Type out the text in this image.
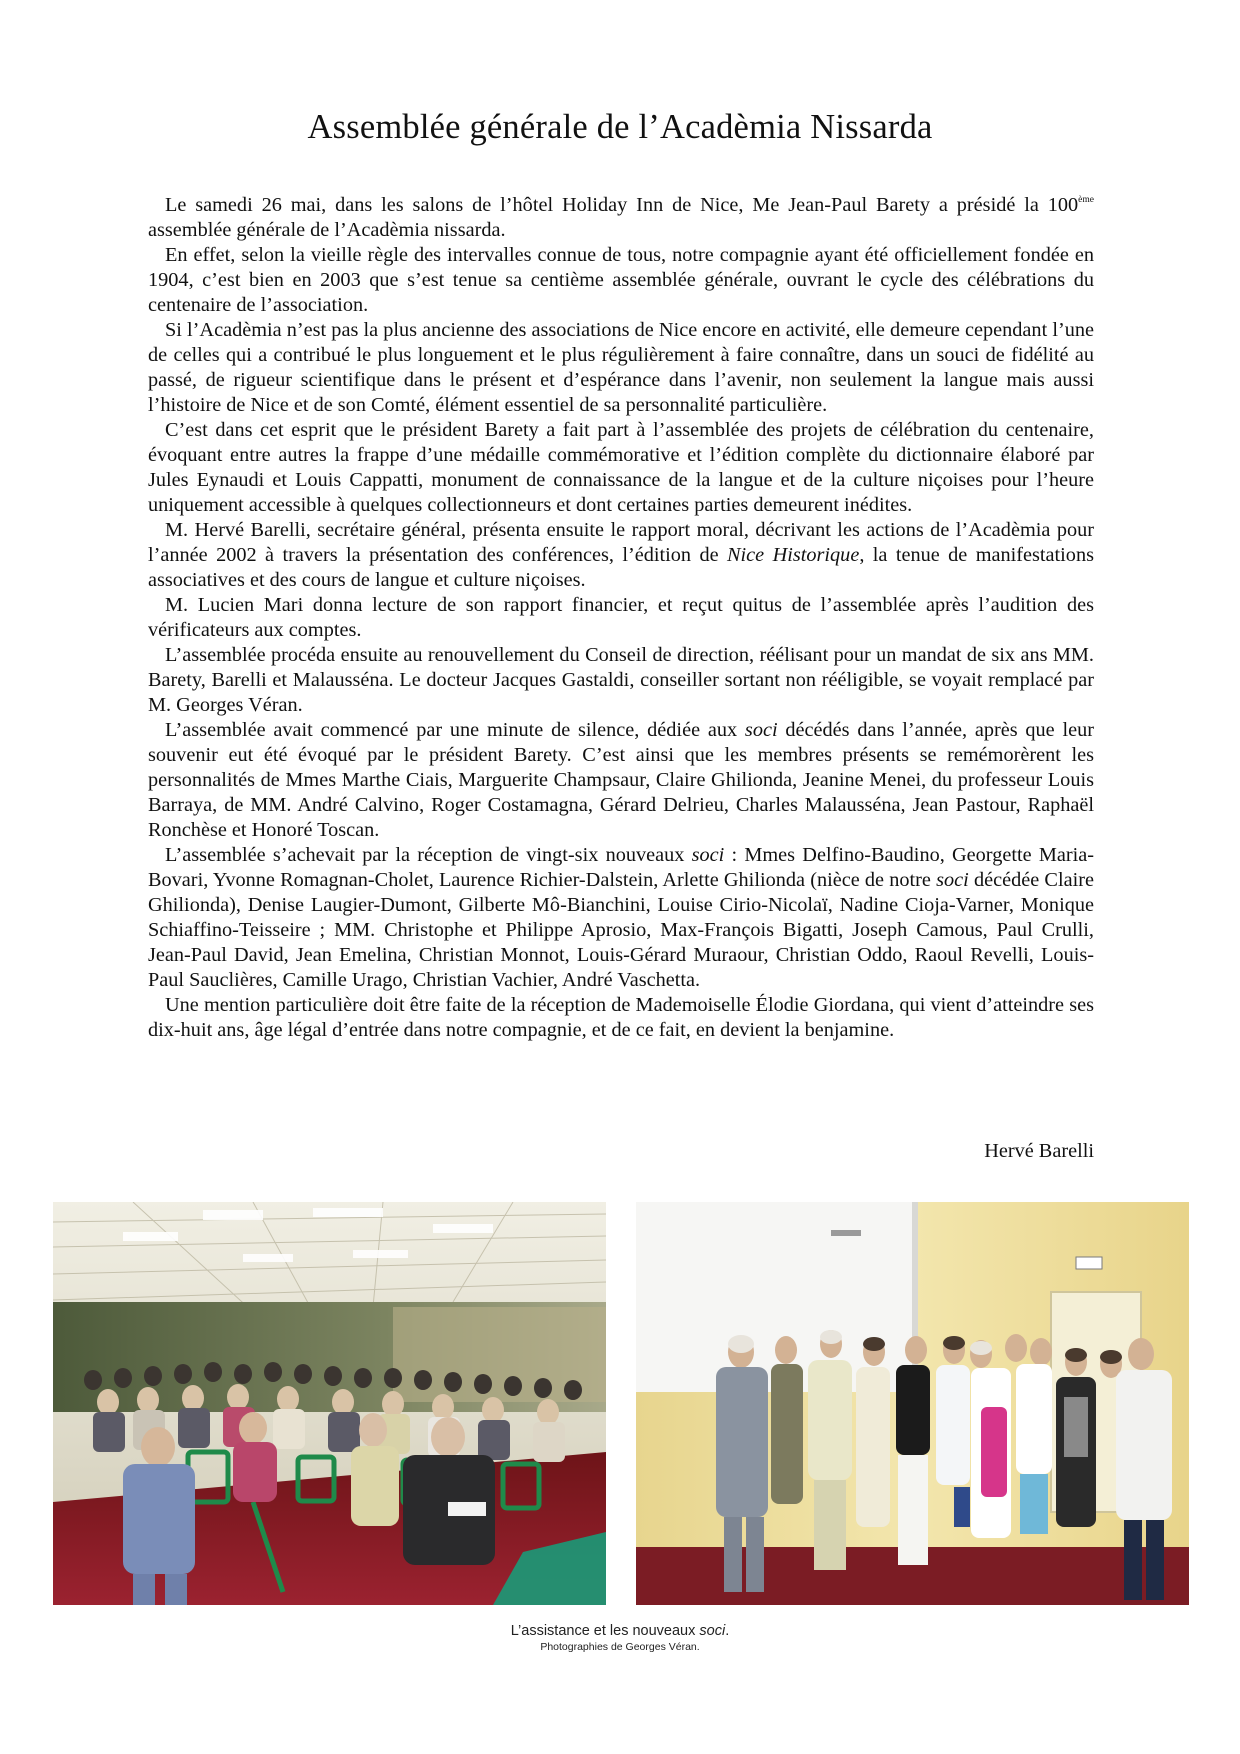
Assemblée générale de l’Acadèmia Nissarda

Le samedi 26 mai, dans les salons de l’hôtel Holiday Inn de Nice, Me Jean-Paul Barety a présidé la 100ème assemblée générale de l’Acadèmia nissarda.

En effet, selon la vieille règle des intervalles connue de tous, notre compagnie ayant été officiellement fondée en 1904, c’est bien en 2003 que s’est tenue sa centième assemblée générale, ouvrant le cycle des célébrations du centenaire de l’association.

Si l’Acadèmia n’est pas la plus ancienne des associations de Nice encore en activité, elle demeure cependant l’une de celles qui a contribué le plus longuement et le plus régulièrement à faire connaître, dans un souci de fidélité au passé, de rigueur scientifique dans le présent et d’espérance dans l’avenir, non seulement la langue mais aussi l’histoire de Nice et de son Comté, élément essentiel de sa personnalité particulière.

C’est dans cet esprit que le président Barety a fait part à l’assemblée des projets de célébration du centenaire, évoquant entre autres la frappe d’une médaille commémorative et l’édition complète du dictionnaire élaboré par Jules Eynaudi et Louis Cappatti, monument de connaissance de la langue et de la culture niçoises pour l’heure uniquement accessible à quelques collectionneurs et dont certaines parties demeurent inédites.

M. Hervé Barelli, secrétaire général, présenta ensuite le rapport moral, décrivant les actions de l’Acadèmia pour l’année 2002 à travers la présentation des conférences, l’édition de Nice Historique, la tenue de manifestations associatives et des cours de langue et culture niçoises.

M. Lucien Mari donna lecture de son rapport financier, et reçut quitus de l’assemblée après l’audition des vérificateurs aux comptes.

L’assemblée procéda ensuite au renouvellement du Conseil de direction, réélisant pour un mandat de six ans MM. Barety, Barelli et Malausséna. Le docteur Jacques Gastaldi, conseiller sortant non rééligible, se voyait remplacé par M. Georges Véran.

L’assemblée avait commencé par une minute de silence, dédiée aux soci décédés dans l’année, après que leur souvenir eut été évoqué par le président Barety. C’est ainsi que les membres présents se remémorèrent les personnalités de Mmes Marthe Ciais, Marguerite Champsaur, Claire Ghilionda, Jeanine Menei, du professeur Louis Barraya, de MM. André Calvino, Roger Costamagna, Gérard Delrieu, Charles Malausséna, Jean Pastour, Raphaël Ronchèse et Honoré Toscan.

L’assemblée s’achevait par la réception de vingt-six nouveaux soci : Mmes Delfino-Baudino, Georgette Maria-Bovari, Yvonne Romagnan-Cholet, Laurence Richier-Dalstein, Arlette Ghilionda (nièce de notre soci décédée Claire Ghilionda), Denise Laugier-Dumont, Gilberte Mô-Bianchini, Louise Cirio-Nicolaï, Nadine Cioja-Varner, Monique Schiaffino-Teisseire ; MM. Christophe et Philippe Aprosio, Max-François Bigatti, Joseph Camous, Paul Crulli, Jean-Paul David, Jean Emelina, Christian Monnot, Louis-Gérard Muraour, Christian Oddo, Raoul Revelli, Louis-Paul Sauclières, Camille Urago, Christian Vachier, André Vaschetta.

Une mention particulière doit être faite de la réception de Mademoiselle Élodie Giordana, qui vient d’atteindre ses dix-huit ans, âge légal d’entrée dans notre compagnie, et de ce fait, en devient la benjamine.

Hervé Barelli
L’assistance et les nouveaux soci.
Photographies de Georges Véran.
